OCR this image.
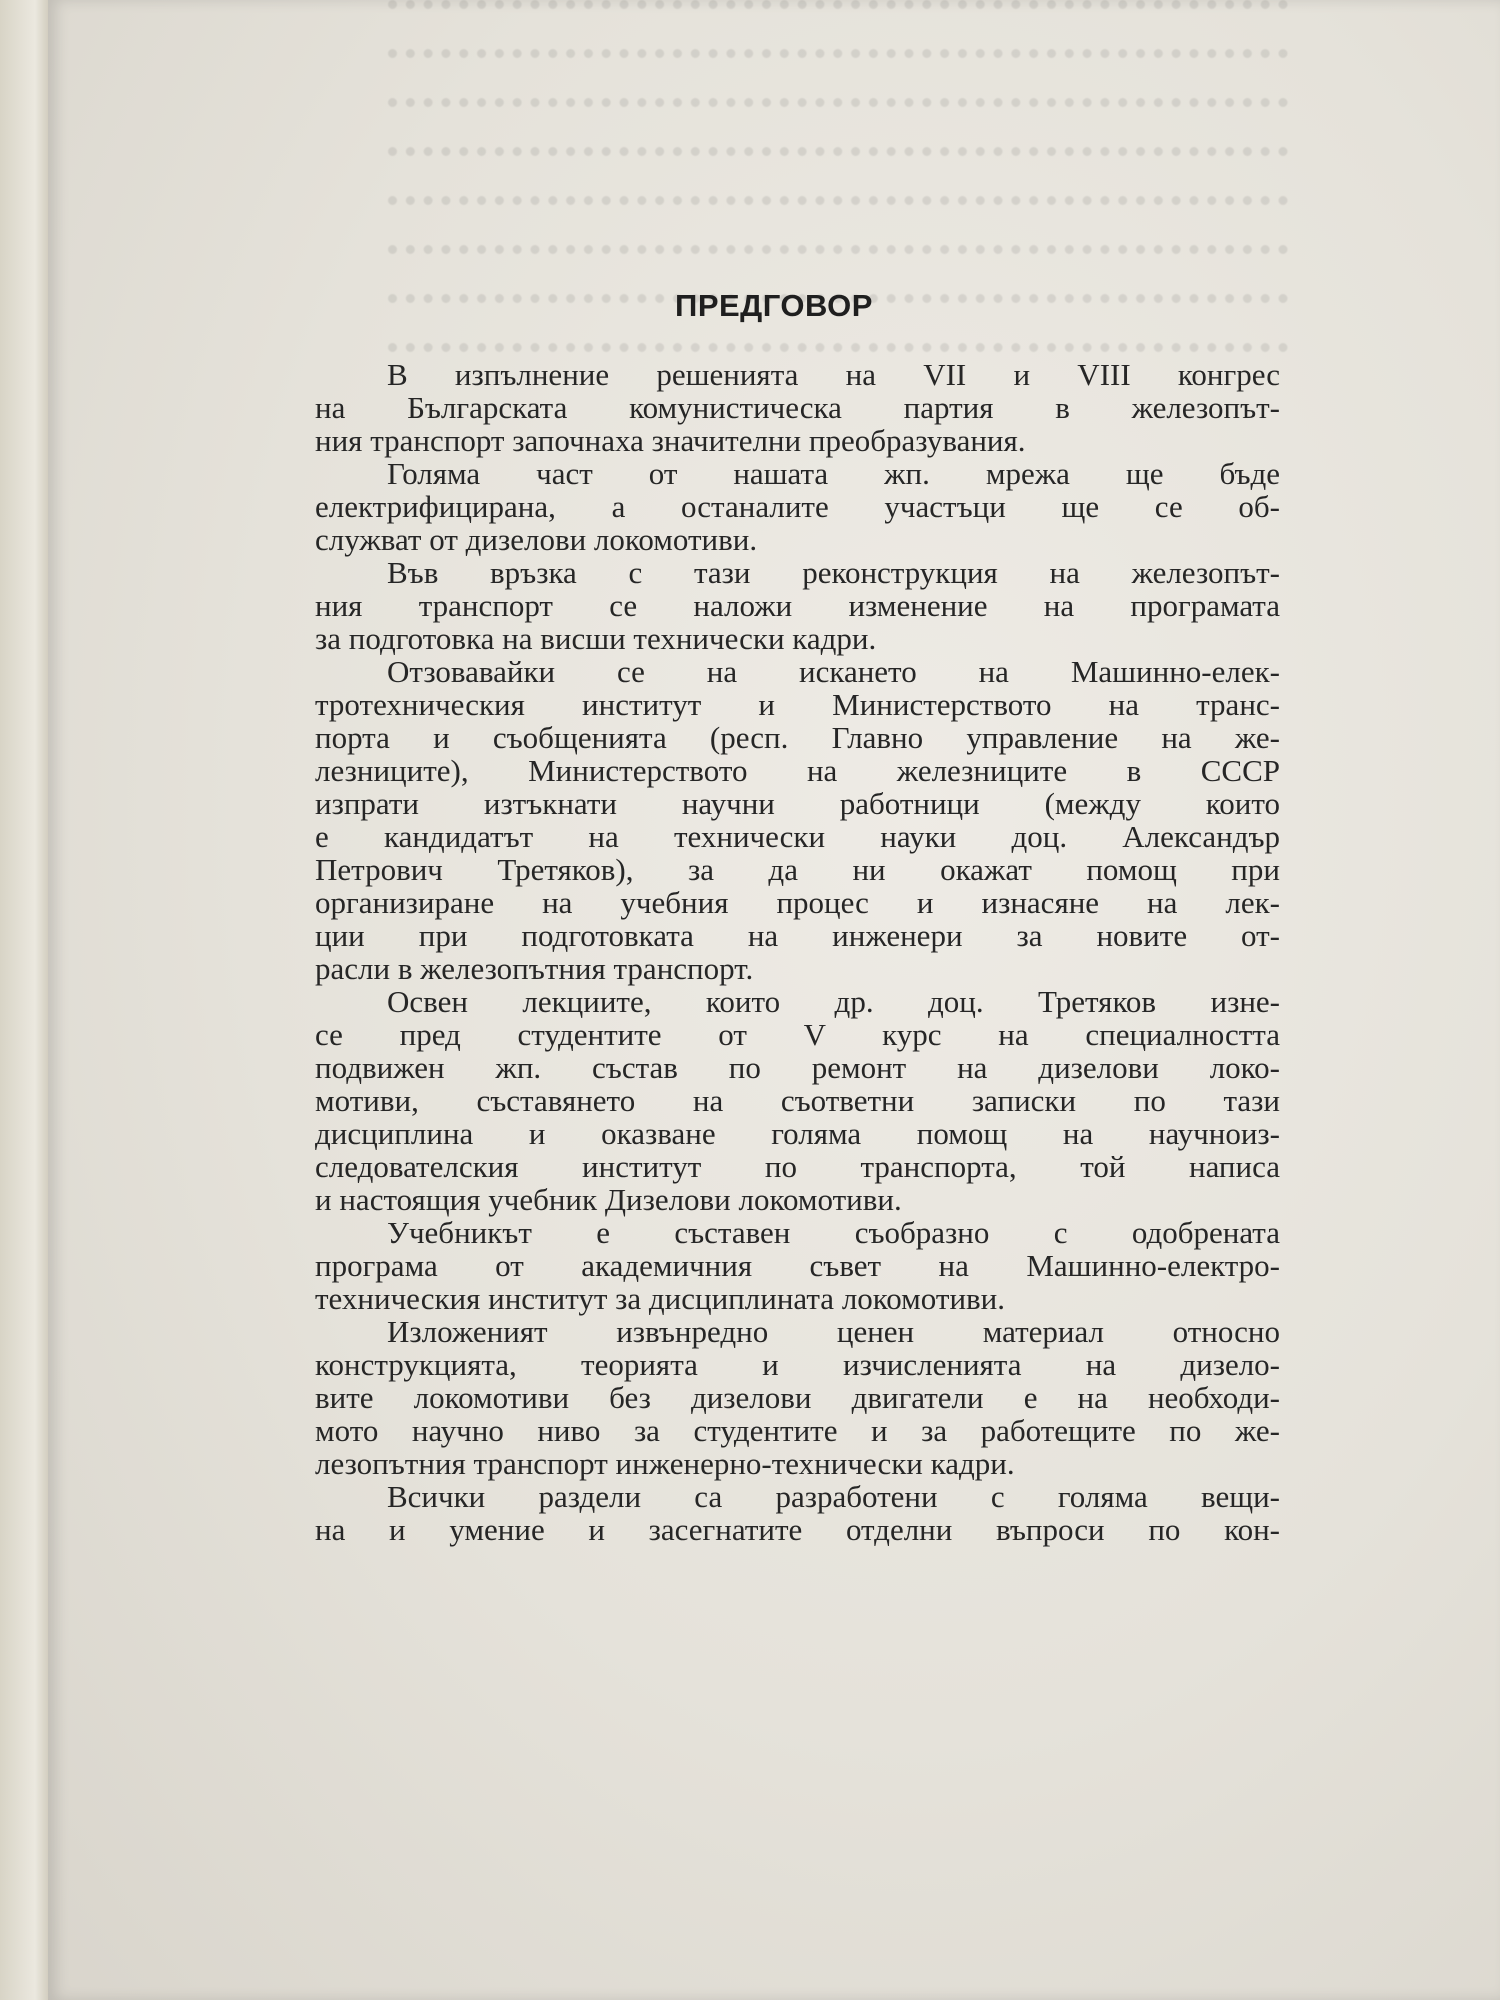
ПРЕДГОВОР
В изпълнение решенията на VII и VIII конгрес
на Българската комунистическа партия в железопът-
ния транспорт започнаха значителни преобразувания.
Голяма част от нашата жп. мрежа ще бъде
електрифицирана, а останалите участъци ще се об-
служват от дизелови локомотиви.
Във връзка с тази реконструкция на железопът-
ния транспорт се наложи изменение на програмата
за подготовка на висши технически кадри.
Отзовавайки се на искането на Машинно-елек-
тротехническия институт и Министерството на транс-
порта и съобщенията (респ. Главно управление на же-
лезниците), Министерството на железниците в СССР
изпрати изтъкнати научни работници (между които
е кандидатът на технически науки доц. Александър
Петрович Третяков), за да ни окажат помощ при
организиране на учебния процес и изнасяне на лек-
ции при подготовката на инженери за новите от-
расли в железопътния транспорт.
Освен лекциите, които др. доц. Третяков изне-
се пред студентите от V курс на специалността
подвижен жп. състав по ремонт на дизелови локо-
мотиви, съставянето на съответни записки по тази
дисциплина и оказване голяма помощ на научноиз-
следователския институт по транспорта, той написа
и настоящия учебник Дизелови локомотиви.
Учебникът е съставен съобразно с одобрената
програма от академичния съвет на Машинно-електро-
техническия институт за дисциплината локомотиви.
Изложеният извънредно ценен материал относно
конструкцията, теорията и изчисленията на дизело-
вите локомотиви без дизелови двигатели е на необходи-
мото научно ниво за студентите и за работещите по же-
лезопътния транспорт инженерно-технически кадри.
Всички раздели са разработени с голяма вещи-
на и умение и засегнатите отделни въпроси по кон-
